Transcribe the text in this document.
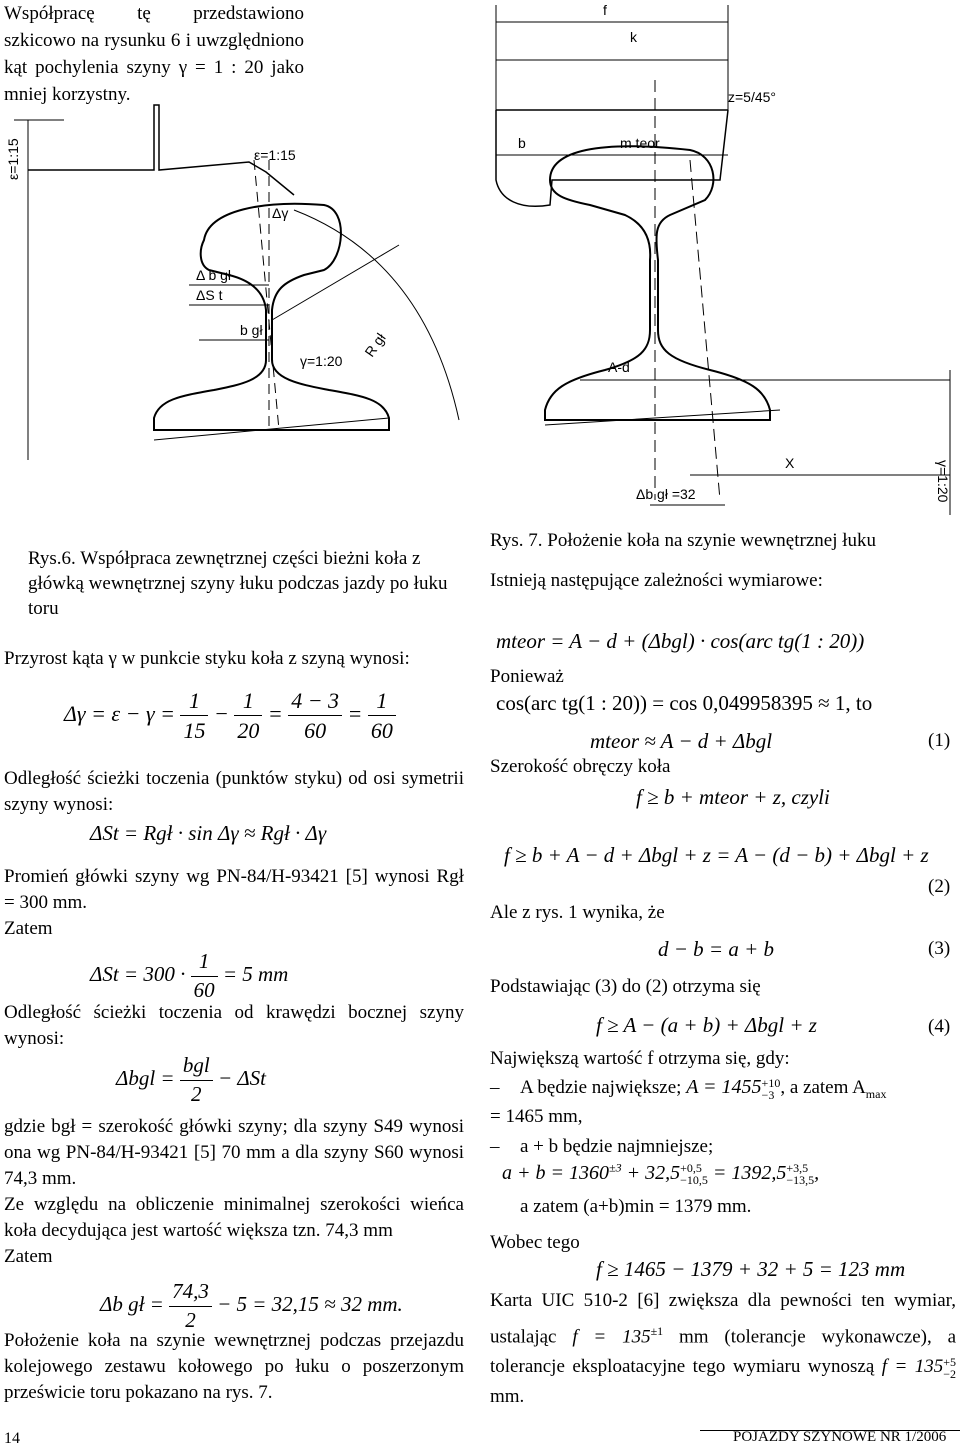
Współpracę tę przedstawiono szkicowo na rysunku 6 i uwzględniono kąt pochylenia szyny γ = 1 : 20 jako mniej korzystny.

ε=1:15	ε=1:15
Δγ
Δ b gł
ΔS t
b gł
γ=1:20
R gł

Rys.6. Współpraca zewnętrznej części bieżni koła z główką wewnętrznej szyny łuku podczas jazdy po łuku toru

Przyrost kąta γ w punkcie styku koła z szyną wynosi:

$\Delta\gamma = \varepsilon - \gamma = \frac{1}{15} - \frac{1}{20} = \frac{4 - 3}{60} = \frac{1}{60}$

Odległość ścieżki toczenia (punktów styku) od osi symetrii szyny wynosi:

ΔSt = Rgł · sin Δγ ≈ Rgł · Δγ

Promień główki szyny wg PN-84/H-93421 [5] wynosi Rgł = 300 mm.

Zatem

$\Delta St = 300 \cdot \frac{1}{60} = 5$ mm

Odległość ścieżki toczenia od krawędzi bocznej szyny wynosi:

$\Delta bgl = \frac{\text{bgl}}{2} - \Delta St$

gdzie bgł = szerokość główki szyny; dla szyny S49 wynosi ona wg PN-84/H-93421 [5] 70 mm a dla szyny S60 wynosi 74,3 mm.

Ze względu na obliczenie minimalnej szerokości wieńca koła decydująca jest wartość większa tzn. 74,3 mm

Zatem

Δb gł = $\frac{74,3}{2} - 5 = 32,15 \approx 32$ mm.

Położenie koła na szynie wewnętrznej podczas przejazdu kolejowego zestawu kołowego po łuku o poszerzonym prześwicie toru pokazano na rys. 7.

f
k
z=5/45°
b	m teor
A-d
X
Δb gł =32	γ=1:20

Rys. 7. Położenie koła na szynie wewnętrznej łuku

Istnieją następujące zależności wymiarowe:

mteor = A − d + (Δbgl) · cos(arc tg(1 : 20))

Ponieważ

cos(arc tg(1 : 20)) = cos 0,049958395 ≈ 1, to
mteor ≈ A − d + Δbgl	(1)

Szerokość obręczy koła

f ≥ b + mteor + z, czyli
f ≥ b + A − d + Δbgl + z = A − (d − b) + Δbgl + z
(2)

Ale z rys. 1 wynika, że

d − b = a + b	(3)

Podstawiając (3) do (2) otrzyma się

f ≥ A − (a + b) + Δbgl + z	(4)

Największą wartość f otrzyma się, gdy:

– A będzie największe; A = 1455 +10
−3 , a zatem $A_{max}$
= 1465 mm,
– a + b będzie najmniejsze;
$a + b = 1360^{\pm 3} + 32,5 +0,5$
−10,5 = 1392,5 +3,5
−13,5 ,
a zatem (a+b)min = 1379 mm.

Wobec tego

f ≥ 1465 − 1379 + 32 + 5 = 123 mm
Karta UIC 510-2 [6] zwiększa dla pewności ten wymiar, ustalając $f = 135^{\pm 1}$ mm (tolerancje wykonawcze), a tolerancje eksploatacyjne tego wymiaru wynoszą f = 135 +5
−2
mm.
14	POJAZDY SZYNOWE NR 1/2006
